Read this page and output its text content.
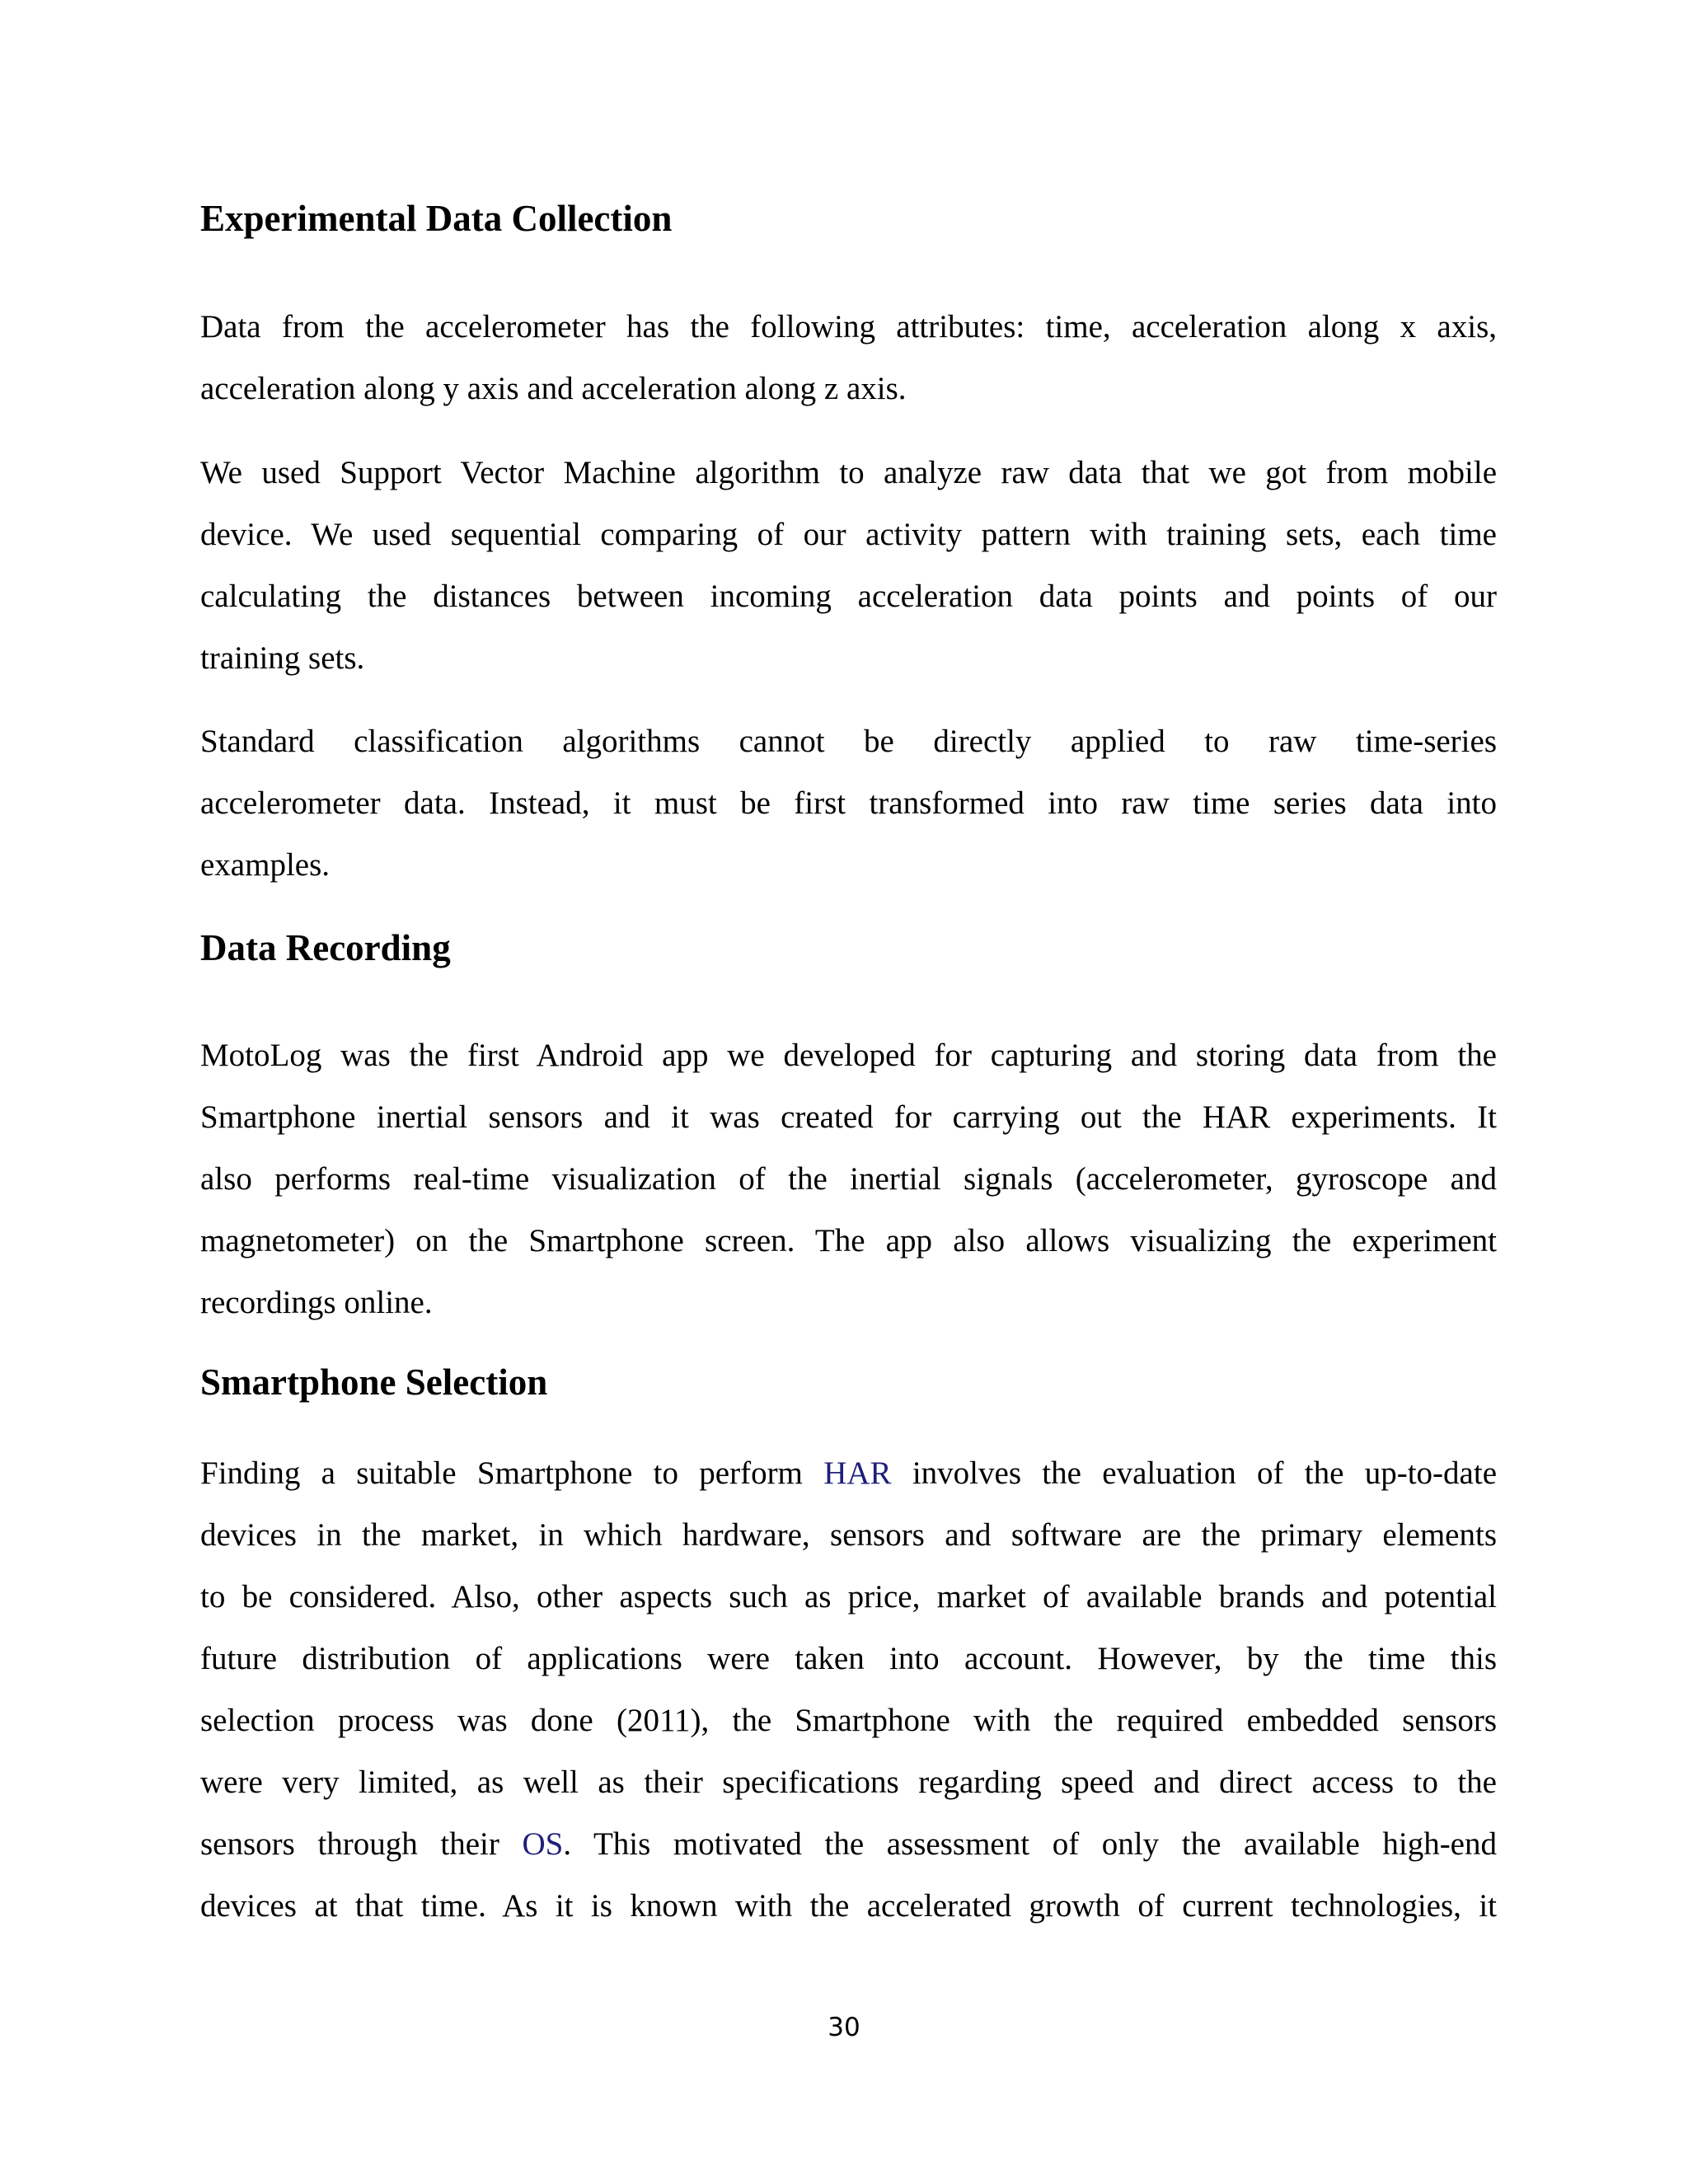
Experimental Data Collection

Data from the accelerometer has the following attributes: time, acceleration along x axis,
acceleration along y axis and acceleration along z axis.

We used Support Vector Machine algorithm to analyze raw data that we got from mobile
device. We used sequential comparing of our activity pattern with training sets, each time
calculating the distances between incoming acceleration data points and points of our
training sets.

Standard classification algorithms cannot be directly applied to raw time-series
accelerometer data. Instead, it must be first transformed into raw time series data into
examples.

Data Recording

MotoLog was the first Android app we developed for capturing and storing data from the
Smartphone inertial sensors and it was created for carrying out the HAR experiments. It
also performs real-time visualization of the inertial signals (accelerometer, gyroscope and
magnetometer) on the Smartphone screen. The app also allows visualizing the experiment
recordings online.

Smartphone Selection

Finding a suitable Smartphone to perform HAR involves the evaluation of the up-to-date
devices in the market, in which hardware, sensors and software are the primary elements
to be considered. Also, other aspects such as price, market of available brands and potential
future distribution of applications were taken into account. However, by the time this
selection process was done (2011), the Smartphone with the required embedded sensors
were very limited, as well as their specifications regarding speed and direct access to the
sensors through their OS. This motivated the assessment of only the available high-end
devices at that time. As it is known with the accelerated growth of current technologies, it

30
